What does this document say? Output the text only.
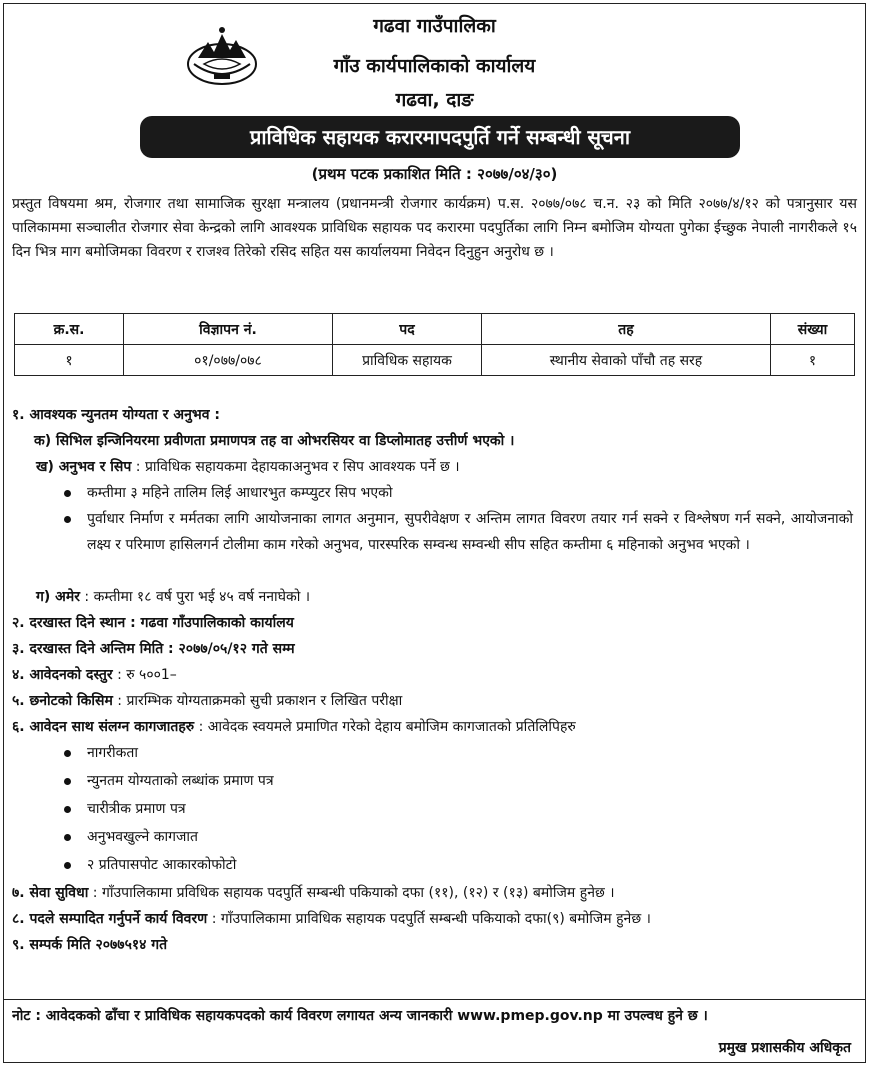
गढवा गाउँपालिका
गाँउ कार्यपालिकाको कार्यालय
गढवा, दाङ
प्राविधिक सहायक करारमापदपुर्ति गर्ने सम्बन्धी सूचना
(प्रथम पटक प्रकाशित मिति : २०७७/०४/३०)
प्रस्तुत विषयमा श्रम, रोजगार तथा सामाजिक सुरक्षा मन्त्रालय (प्रधानमन्त्री रोजगार कार्यक्रम) प.स. २०७७/०७८ च.न. २३ को मिति २०७७/४/१२ को पत्रानुसार यस पालिकाममा सञ्चालीत रोजगार सेवा केन्द्रको लागि आवश्यक प्राविधिक सहायक पद करारमा पदपुर्तिका लागि निम्न बमोजिम योग्यता पुगेका ईच्छुक नेपाली नागरीकले १५ दिन भित्र माग बमोजिमका विवरण र राजश्व तिरेको रसिद सहित यस कार्यालयमा निवेदन दिनुहुन अनुरोध छ ।
क्र.स.	विज्ञापन नं.	पद	तह	संख्या
१	०१/०७७/०७८	प्राविधिक सहायक	स्थानीय सेवाको पाँचौ तह सरह	१
१. आवश्यक न्युनतम योग्यता र अनुभव :
क) सिभिल इन्जिनियरमा प्रवीणता प्रमाणपत्र तह वा ओभरसियर वा डिप्लोमातह उत्तीर्ण भएको ।
ख) अनुभव र सिप : प्राविधिक सहायकमा देहायकाअनुभव र सिप आवश्यक पर्ने छ ।
कम्तीमा ३ महिने तालिम लिई आधारभुत कम्प्युटर सिप भएको
पुर्वाधार निर्माण र मर्मतका लागि आयोजनाका लागत अनुमान, सुपरीवेक्षण र अन्तिम लागत विवरण तयार गर्न सक्ने र विश्लेषण गर्न सक्ने, आयोजनाको लक्ष्य र परिमाण हासिलगर्न टोलीमा काम गरेको अनुभव, पारस्परिक सम्वन्ध सम्वन्धी सीप सहित कम्तीमा ६ महिनाको अनुभव भएको ।
ग) अमेर : कम्तीमा १८ वर्ष पुरा भई ४५ वर्ष ननाघेको ।
२. दरखास्त दिने स्थान : गढवा गाँउपालिकाको कार्यालय
३. दरखास्त दिने अन्तिम मिति : २०७७/०५/१२ गते सम्म
४. आवेदनको दस्तुर : रु ५००1–
५. छनोटको किसिम : प्रारम्भिक योग्यताक्रमको सुची प्रकाशन र लिखित परीक्षा
६. आवेदन साथ संलग्न कागजातहरु : आवेदक स्वयमले प्रमाणित गरेको देहाय बमोजिम कागजातको प्रतिलिपिहरु
नागरीकता
न्युनतम योग्यताको लब्धांक प्रमाण पत्र
चारीत्रीक प्रमाण पत्र
अनुभवखुल्ने कागजात
२ प्रतिपासपोट आकारकोफोटो
७. सेवा सुविधा : गाँउपालिकामा प्रविधिक सहायक पदपुर्ति सम्बन्धी पकियाको दफा (११), (१२) र (१३) बमोजिम हुनेछ ।
८. पदले सम्पादित गर्नुपर्ने कार्य विवरण : गाँउपालिकामा प्राविधिक सहायक पदपुर्ति सम्बन्धी पकियाको दफा(९) बमोजिम हुनेछ ।
९. सम्पर्क मिति २०७७५१४ गते
नोट : आवेदकको ढाँचा र प्राविधिक सहायकपदको कार्य विवरण लगायत अन्य जानकारी www.pmep.gov.np मा उपल्वध हुने छ ।
प्रमुख प्रशासकीय अधिकृत
